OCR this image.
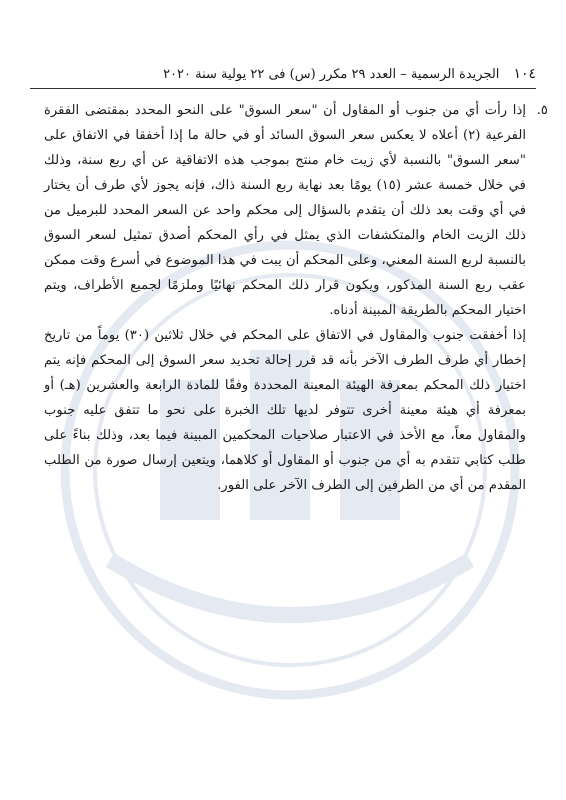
١٠٤
الجريدة الرسمية – العدد ٢٩ مكرر (س) فى ٢٢ يولية سنة ٢٠٢٠
٥.

إذا رأت أي من جنوب أو المقاول أن "سعر السوق" على النحو المحدد بمقتضى الفقرة الفرعية (٢) أعلاه لا يعكس سعر السوق السائد أو في حالة ما إذا أخفقا في الاتفاق على "سعر السوق" بالنسبة لأي زيت خام منتج بموجب هذه الاتفاقية عن أي ربع سنة، وذلك في خلال خمسة عشر (١٥) يومًا بعد نهاية ربع السنة ذاك، فإنه يجوز لأي طرف أن يختار في أي وقت بعد ذلك أن يتقدم بالسؤال إلى محكم واحد عن السعر المحدد للبرميل من ذلك الزيت الخام والمتكشفات الذي يمثل في رأي المحكم أصدق تمثيل لسعر السوق بالنسبة لربع السنة المعني، وعلى المحكم أن يبت في هذا الموضوع في أسرع وقت ممكن عقب ربع السنة المذكور، ويكون قرار ذلك المحكم نهائيًا وملزمًا لجميع الأطراف، ويتم اختيار المحكم بالطريقة المبينة أدناه.

إذا أخفقت جنوب والمقاول في الاتفاق على المحكم في خلال ثلاثين (٣٠) يوماً من تاريخ إخطار أي طرف الطرف الآخر بأنه قد قرر إحالة تحديد سعر السوق إلى المحكم فإنه يتم اختيار ذلك المحكم بمعرفة الهيئة المعينة المحددة وفقًا للمادة الرابعة والعشرين (هـ) أو بمعرفة أي هيئة معينة أخرى تتوفر لديها تلك الخبرة على نحو ما تتفق عليه جنوب والمقاول معاً، مع الأخذ في الاعتبار صلاحيات المحكمين المبينة فيما بعد، وذلك بناءً على طلب كتابي تتقدم به أي من جنوب أو المقاول أو كلاهما، ويتعين إرسال صورة من الطلب المقدم من أي من الطرفين إلى الطرف الآخر على الفور.
